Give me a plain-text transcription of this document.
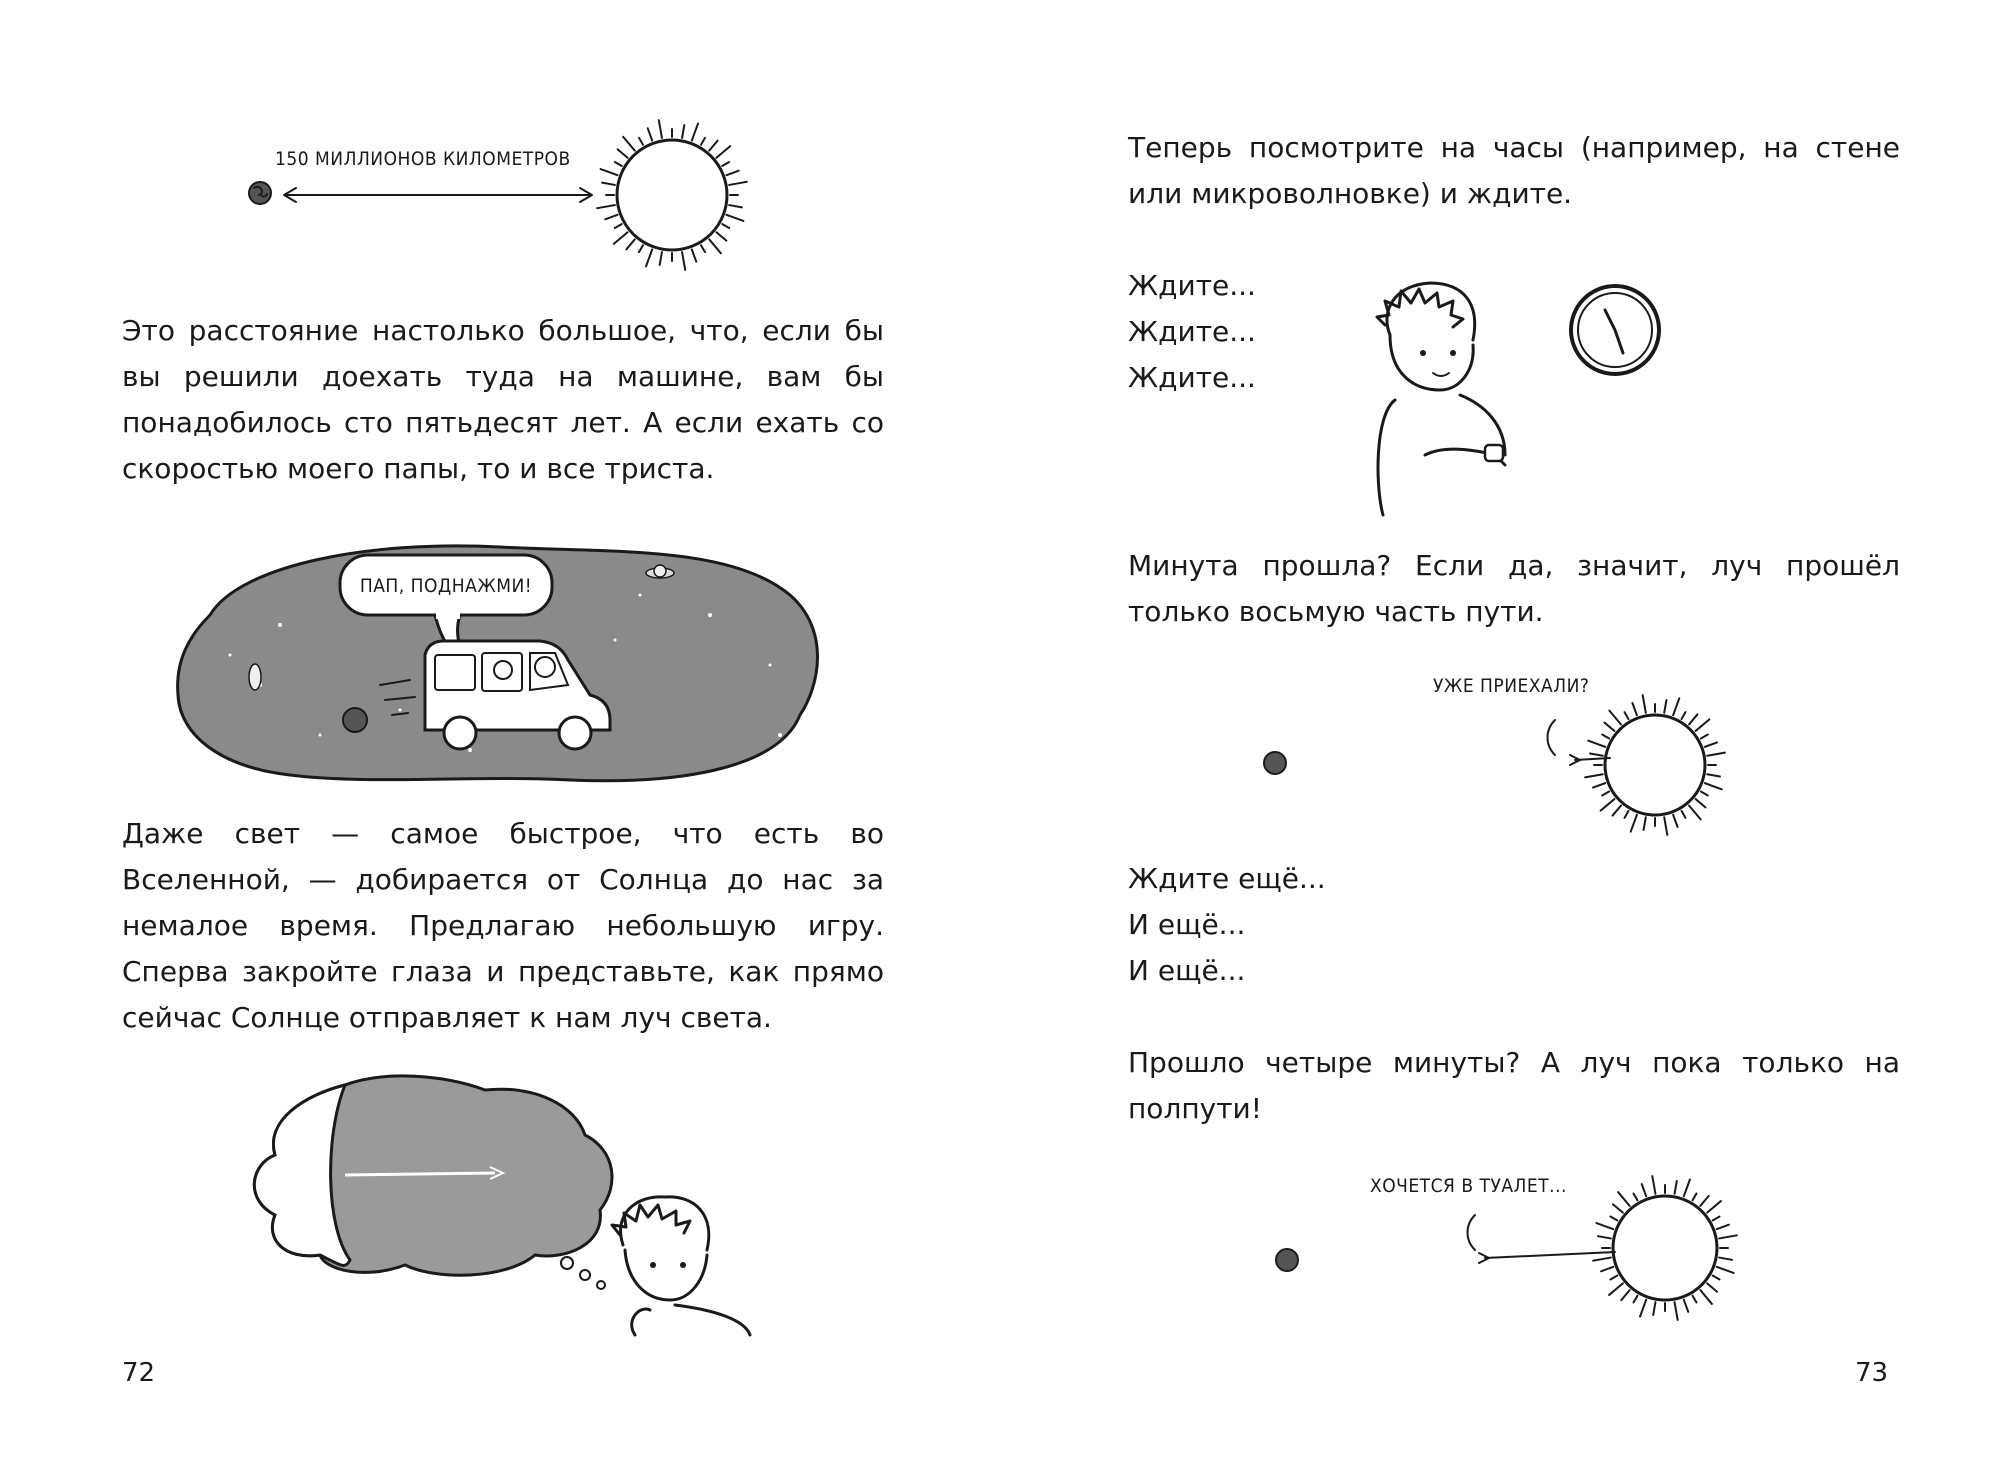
150 МИЛЛИОНОВ КИЛОМЕТРОВ

Это расстояние настолько большое, что, если бы вы решили доехать туда на машине, вам бы понадобилось сто пятьдесят лет. А если ехать со скоростью моего папы, то и все триста.

ПАП, ПОДНАЖМИ!

Даже свет — самое быстрое, что есть во Вселенной, — добирается от Солнца до нас за немалое время. Предлагаю небольшую игру. Сперва закройте глаза и представьте, как прямо сейчас Солнце отправляет к нам луч света.

72

Теперь посмотрите на часы (например, на стене или микроволновке) и ждите.

Ждите...
Ждите...
Ждите...

Минута прошла? Если да, значит, луч прошёл только восьмую часть пути.

УЖЕ ПРИЕХАЛИ?
Ждите ещё...
И ещё...
И ещё...

Прошло четыре минуты? А луч пока только на полпути!

ХОЧЕТСЯ В ТУАЛЕТ...
73
